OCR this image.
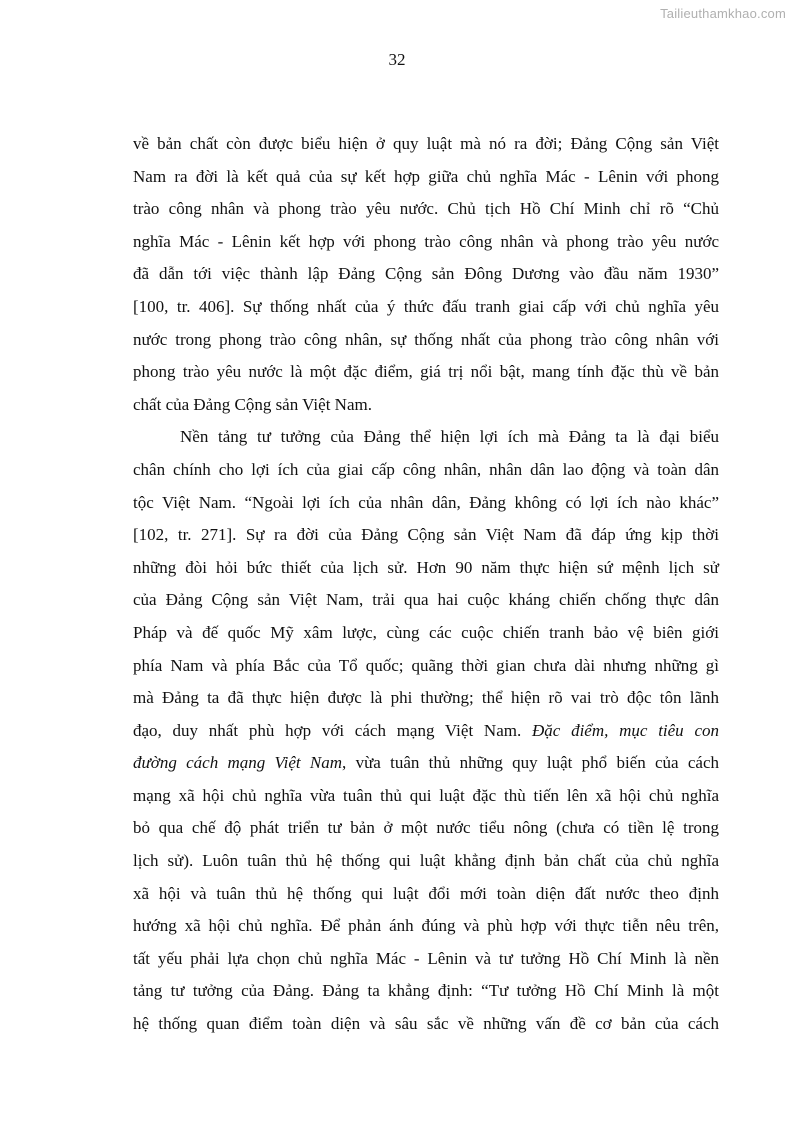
Tailieuthamkhao.com
32
về bản chất còn được biểu hiện ở quy luật mà nó ra đời; Đảng Cộng sản Việt
Nam ra đời là kết quả của sự kết hợp giữa chủ nghĩa Mác - Lênin với phong
trào công nhân và phong trào yêu nước. Chủ tịch Hồ Chí Minh chỉ rõ “Chủ
nghĩa Mác - Lênin kết hợp với phong trào công nhân và phong trào yêu nước
đã dẫn tới việc thành lập Đảng Cộng sản Đông Dương vào đầu năm 1930”
[100, tr. 406]. Sự thống nhất của ý thức đấu tranh giai cấp với chủ nghĩa yêu
nước trong phong trào công nhân, sự thống nhất của phong trào công nhân với
phong trào yêu nước là một đặc điểm, giá trị nổi bật, mang tính đặc thù về bản
chất của Đảng Cộng sản Việt Nam.
Nền tảng tư tưởng của Đảng thể hiện lợi ích mà Đảng ta là đại biểu
chân chính cho lợi ích của giai cấp công nhân, nhân dân lao động và toàn dân
tộc Việt Nam. “Ngoài lợi ích của nhân dân, Đảng không có lợi ích nào khác”
[102, tr. 271]. Sự ra đời của Đảng Cộng sản Việt Nam đã đáp ứng kịp thời
những đòi hỏi bức thiết của lịch sử. Hơn 90 năm thực hiện sứ mệnh lịch sử
của Đảng Cộng sản Việt Nam, trải qua hai cuộc kháng chiến chống thực dân
Pháp và đế quốc Mỹ xâm lược, cùng các cuộc chiến tranh bảo vệ biên giới
phía Nam và phía Bắc của Tổ quốc; quãng thời gian chưa dài nhưng những gì
mà Đảng ta đã thực hiện được là phi thường; thể hiện rõ vai trò độc tôn lãnh
đạo, duy nhất phù hợp với cách mạng Việt Nam. Đặc điểm, mục tiêu con
đường cách mạng Việt Nam, vừa tuân thủ những quy luật phổ biến của cách
mạng xã hội chủ nghĩa vừa tuân thủ qui luật đặc thù tiến lên xã hội chủ nghĩa
bỏ qua chế độ phát triển tư bản ở một nước tiểu nông (chưa có tiền lệ trong
lịch sử). Luôn tuân thủ hệ thống qui luật khẳng định bản chất của chủ nghĩa
xã hội và tuân thủ hệ thống qui luật đổi mới toàn diện đất nước theo định
hướng xã hội chủ nghĩa. Để phản ánh đúng và phù hợp với thực tiễn nêu trên,
tất yếu phải lựa chọn chủ nghĩa Mác - Lênin và tư tưởng Hồ Chí Minh là nền
tảng tư tưởng của Đảng. Đảng ta khẳng định: “Tư tưởng Hồ Chí Minh là một
hệ thống quan điểm toàn diện và sâu sắc về những vấn đề cơ bản của cách
